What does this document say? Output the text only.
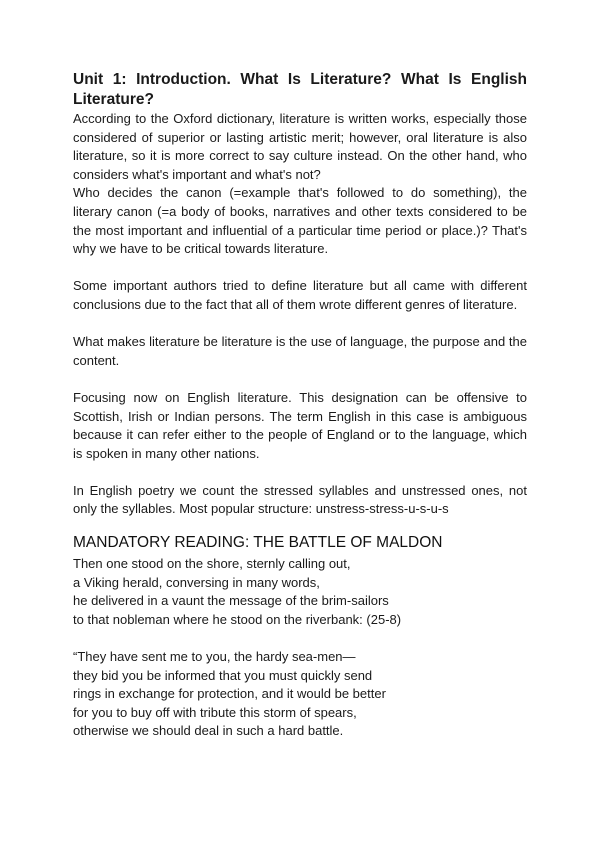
Unit 1: Introduction. What Is Literature? What Is English Literature?

According to the Oxford dictionary, literature is written works, especially those considered of superior or lasting artistic merit; however, oral literature is also literature, so it is more correct to say culture instead. On the other hand, who considers what's important and what's not?

Who decides the canon (=example that's followed to do something), the literary canon (=a body of books, narratives and other texts considered to be the most important and influential of a particular time period or place.)? That's why we have to be critical towards literature.

Some important authors tried to define literature but all came with different conclusions due to the fact that all of them wrote different genres of literature.

What makes literature be literature is the use of language, the purpose and the content.

Focusing now on English literature. This designation can be offensive to Scottish, Irish or Indian persons. The term English in this case is ambiguous because it can refer either to the people of England or to the language, which is spoken in many other nations.

In English poetry we count the stressed syllables and unstressed ones, not only the syllables. Most popular structure: unstress-stress-u-s-u-s

MANDATORY READING: THE BATTLE OF MALDON
Then one stood on the shore, sternly calling out,
a Viking herald, conversing in many words,
he delivered in a vaunt the message of the brim-sailors
to that nobleman where he stood on the riverbank: (25-8)
“They have sent me to you, the hardy sea-men—
they bid you be informed that you must quickly send
rings in exchange for protection, and it would be better
for you to buy off with tribute this storm of spears,
otherwise we should deal in such a hard battle.
